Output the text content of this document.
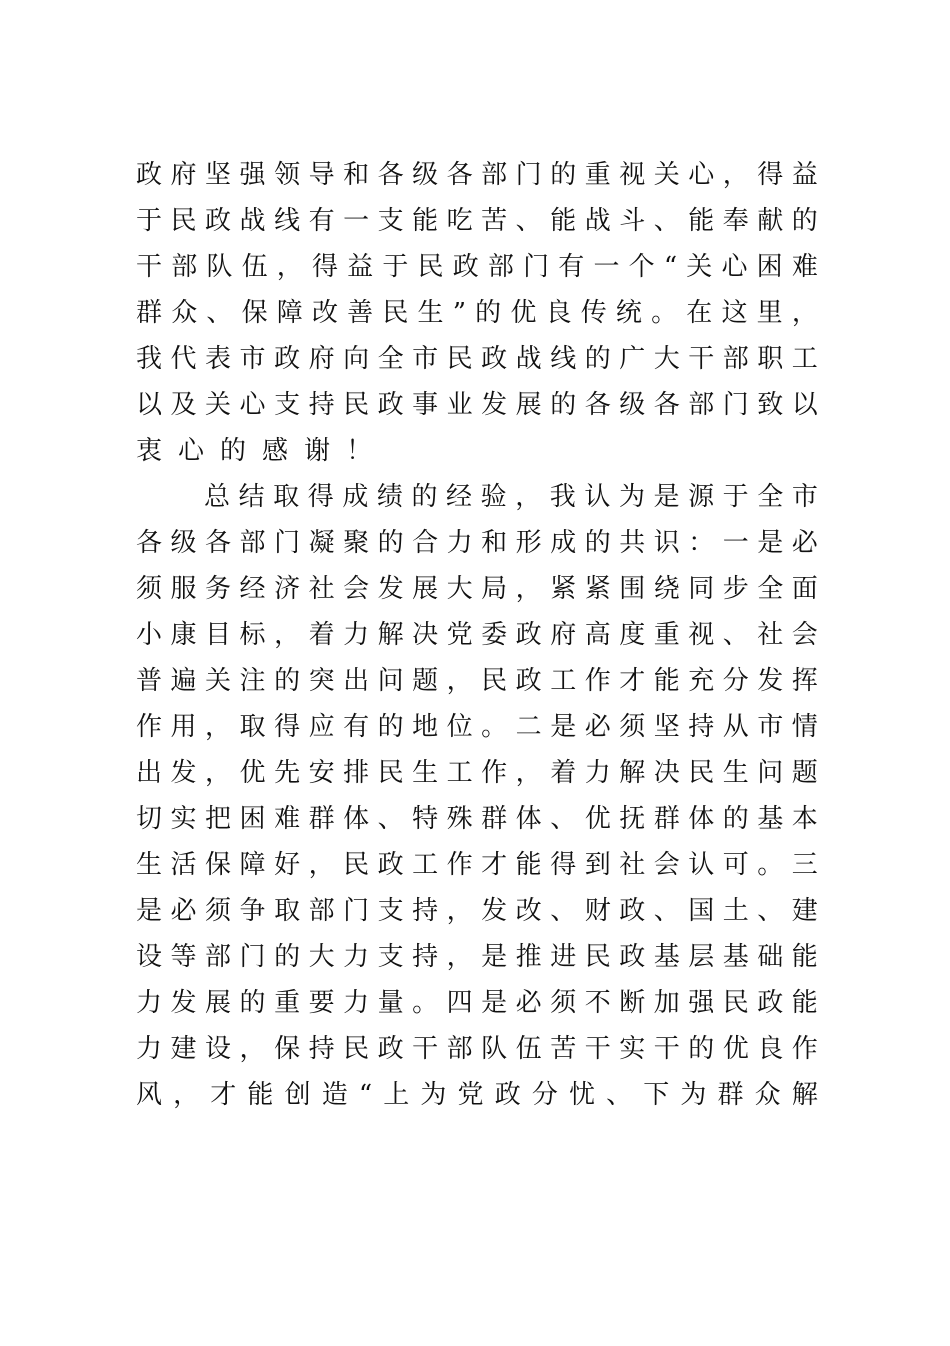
政 府 坚 强 领 导 和 各 级 各 部 门 的 重 视 关 心 ， 得 益
于 民 政 战 线 有 一 支 能 吃 苦 、 能 战 斗 、 能 奉 献 的
干 部 队 伍 ， 得 益 于 民 政 部 门 有 一 个 “ 关 心 困 难
群 众 、 保 障 改 善 民 生 ” 的 优 良 传 统 。 在 这 里 ，
我 代 表 市 政 府 向 全 市 民 政 战 线 的 广 大 干 部 职 工
以 及 关 心 支 持 民 政 事 业 发 展 的 各 级 各 部 门 致 以
衷 心 的 感 谢 ！
总 结 取 得 成 绩 的 经 验 ， 我 认 为 是 源 于 全 市
各 级 各 部 门 凝 聚 的 合 力 和 形 成 的 共 识 ： 一 是 必
须 服 务 经 济 社 会 发 展 大 局 ， 紧 紧 围 绕 同 步 全 面
小 康 目 标 ， 着 力 解 决 党 委 政 府 高 度 重 视 、 社 会
普 遍 关 注 的 突 出 问 题 ， 民 政 工 作 才 能 充 分 发 挥
作 用 ， 取 得 应 有 的 地 位 。 二 是 必 须 坚 持 从 市 情
出 发 ， 优 先 安 排 民 生 工 作 ， 着 力 解 决 民 生 问 题
切 实 把 困 难 群 体 、 特 殊 群 体 、 优 抚 群 体 的 基 本
生 活 保 障 好 ， 民 政 工 作 才 能 得 到 社 会 认 可 。 三
是 必 须 争 取 部 门 支 持 ， 发 改 、 财 政 、 国 土 、 建
设 等 部 门 的 大 力 支 持 ， 是 推 进 民 政 基 层 基 础 能
力 发 展 的 重 要 力 量 。 四 是 必 须 不 断 加 强 民 政 能
力 建 设 ， 保 持 民 政 干 部 队 伍 苦 干 实 干 的 优 良 作
风 ， 才 能 创 造 “ 上 为 党 政 分 忧 、 下 为 群 众 解
